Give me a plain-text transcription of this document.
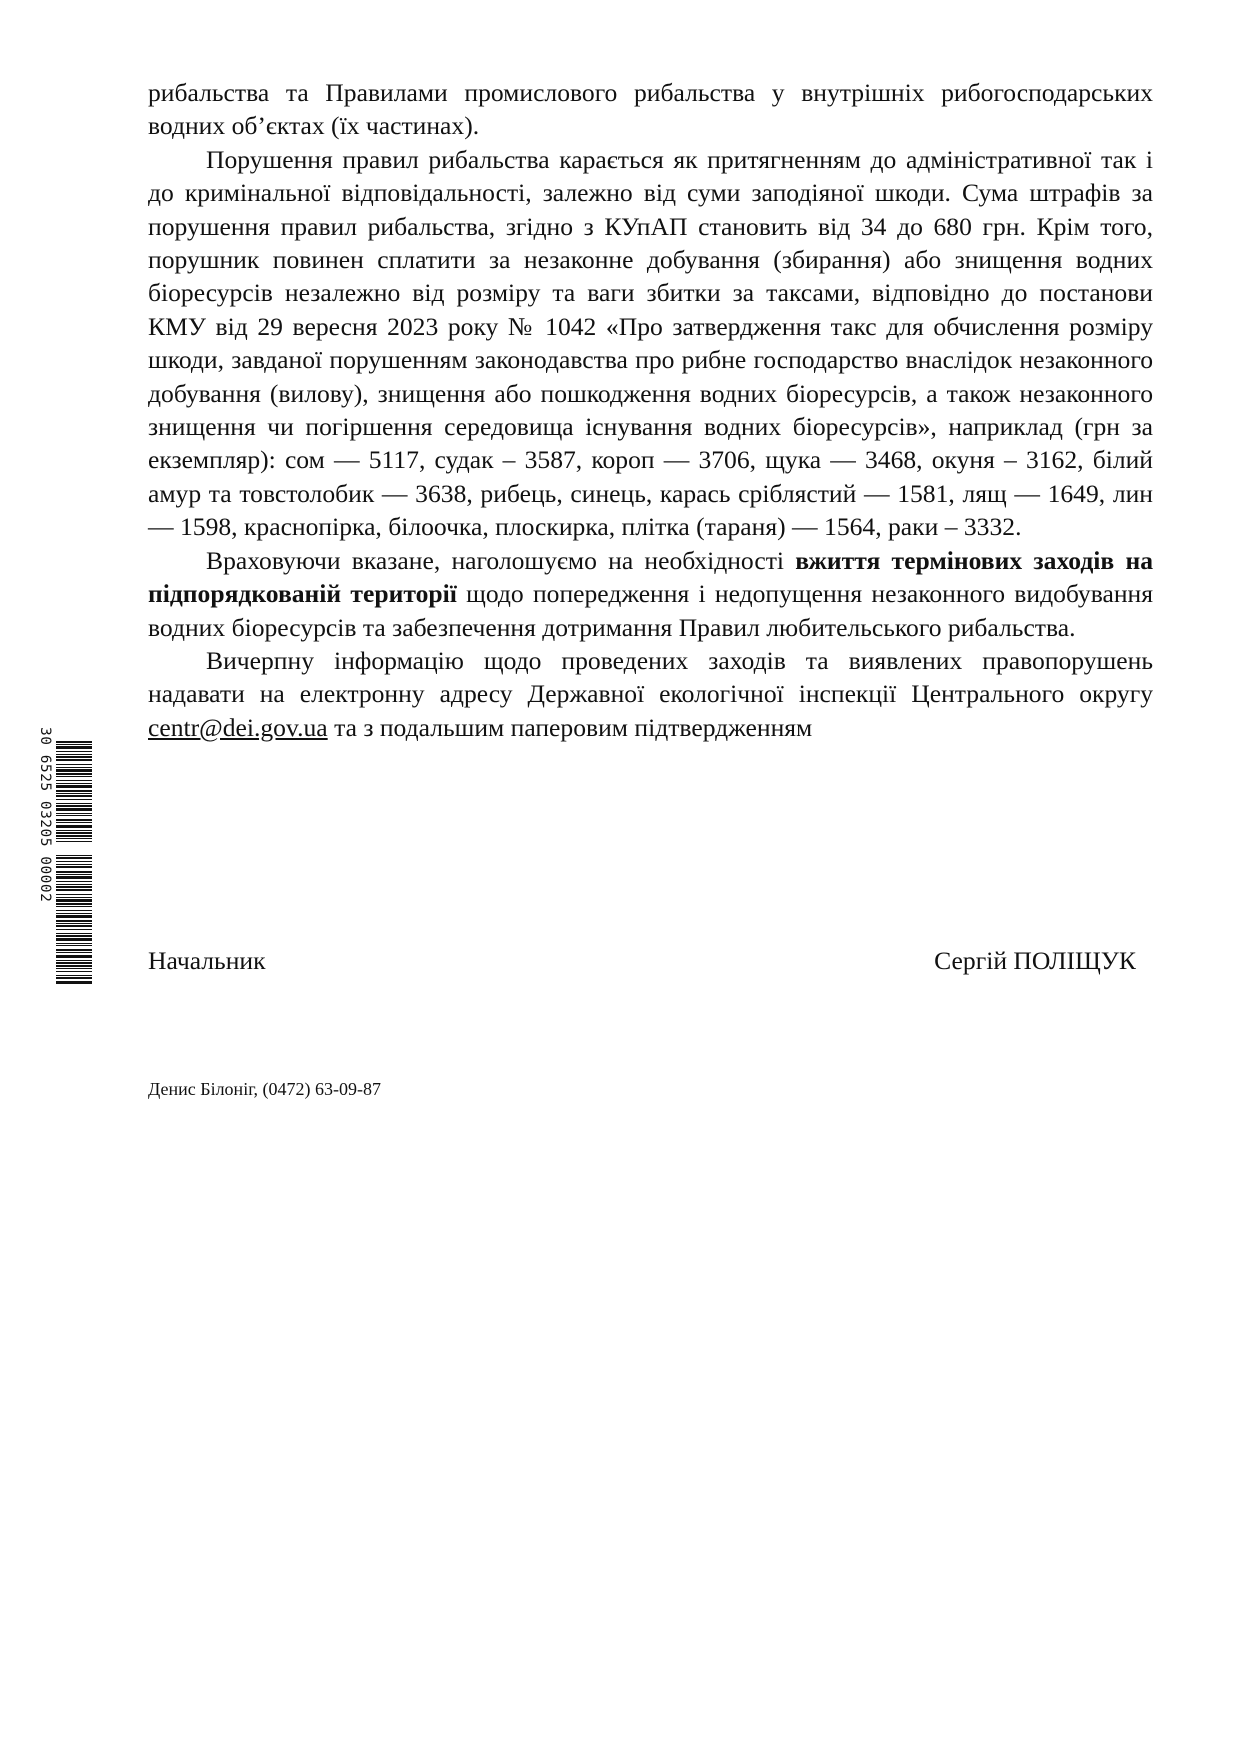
рибальства та Правилами промислового рибальства у внутрішніх рибогосподарських водних об’єктах (їх частинах).

Порушення правил рибальства карається як притягненням до адміністративної так і до кримінальної відповідальності, залежно від суми заподіяної шкоди. Сума штрафів за порушення правил рибальства, згідно з КУпАП становить від 34 до 680 грн. Крім того, порушник повинен сплатити за незаконне добування (збирання) або знищення водних біоресурсів незалежно від розміру та ваги збитки за таксами, відповідно до постанови КМУ від 29 вересня 2023 року № 1042 «Про затвердження такс для обчислення розміру шкоди, завданої порушенням законодавства про рибне господарство внаслідок незаконного добування (вилову), знищення або пошкодження водних біоресурсів, а також незаконного знищення чи погіршення середовища існування водних біоресурсів», наприклад (грн за екземпляр): сом — 5117, судак – 3587, короп — 3706, щука — 3468, окуня – 3162, білий амур та товстолобик — 3638, рибець, синець, карась сріблястий — 1581, лящ — 1649, лин — 1598, краснопірка, білоочка, плоскирка, плітка (тараня) — 1564, раки – 3332.

Враховуючи вказане, наголошуємо на необхідності вжиття термінових заходів на підпорядкованій території щодо попередження і недопущення незаконного видобування водних біоресурсів та забезпечення дотримання Правил любительського рибальства.

Вичерпну інформацію щодо проведених заходів та виявлених правопорушень надавати на електронну адресу Державної екологічної інспекції Центрального округу centr@dei.gov.ua та з подальшим паперовим підтвердженням

Начальник	Сергій ПОЛІЩУК
Денис Білоніг, (0472) 63-09-87
30 6525 03205 00002
